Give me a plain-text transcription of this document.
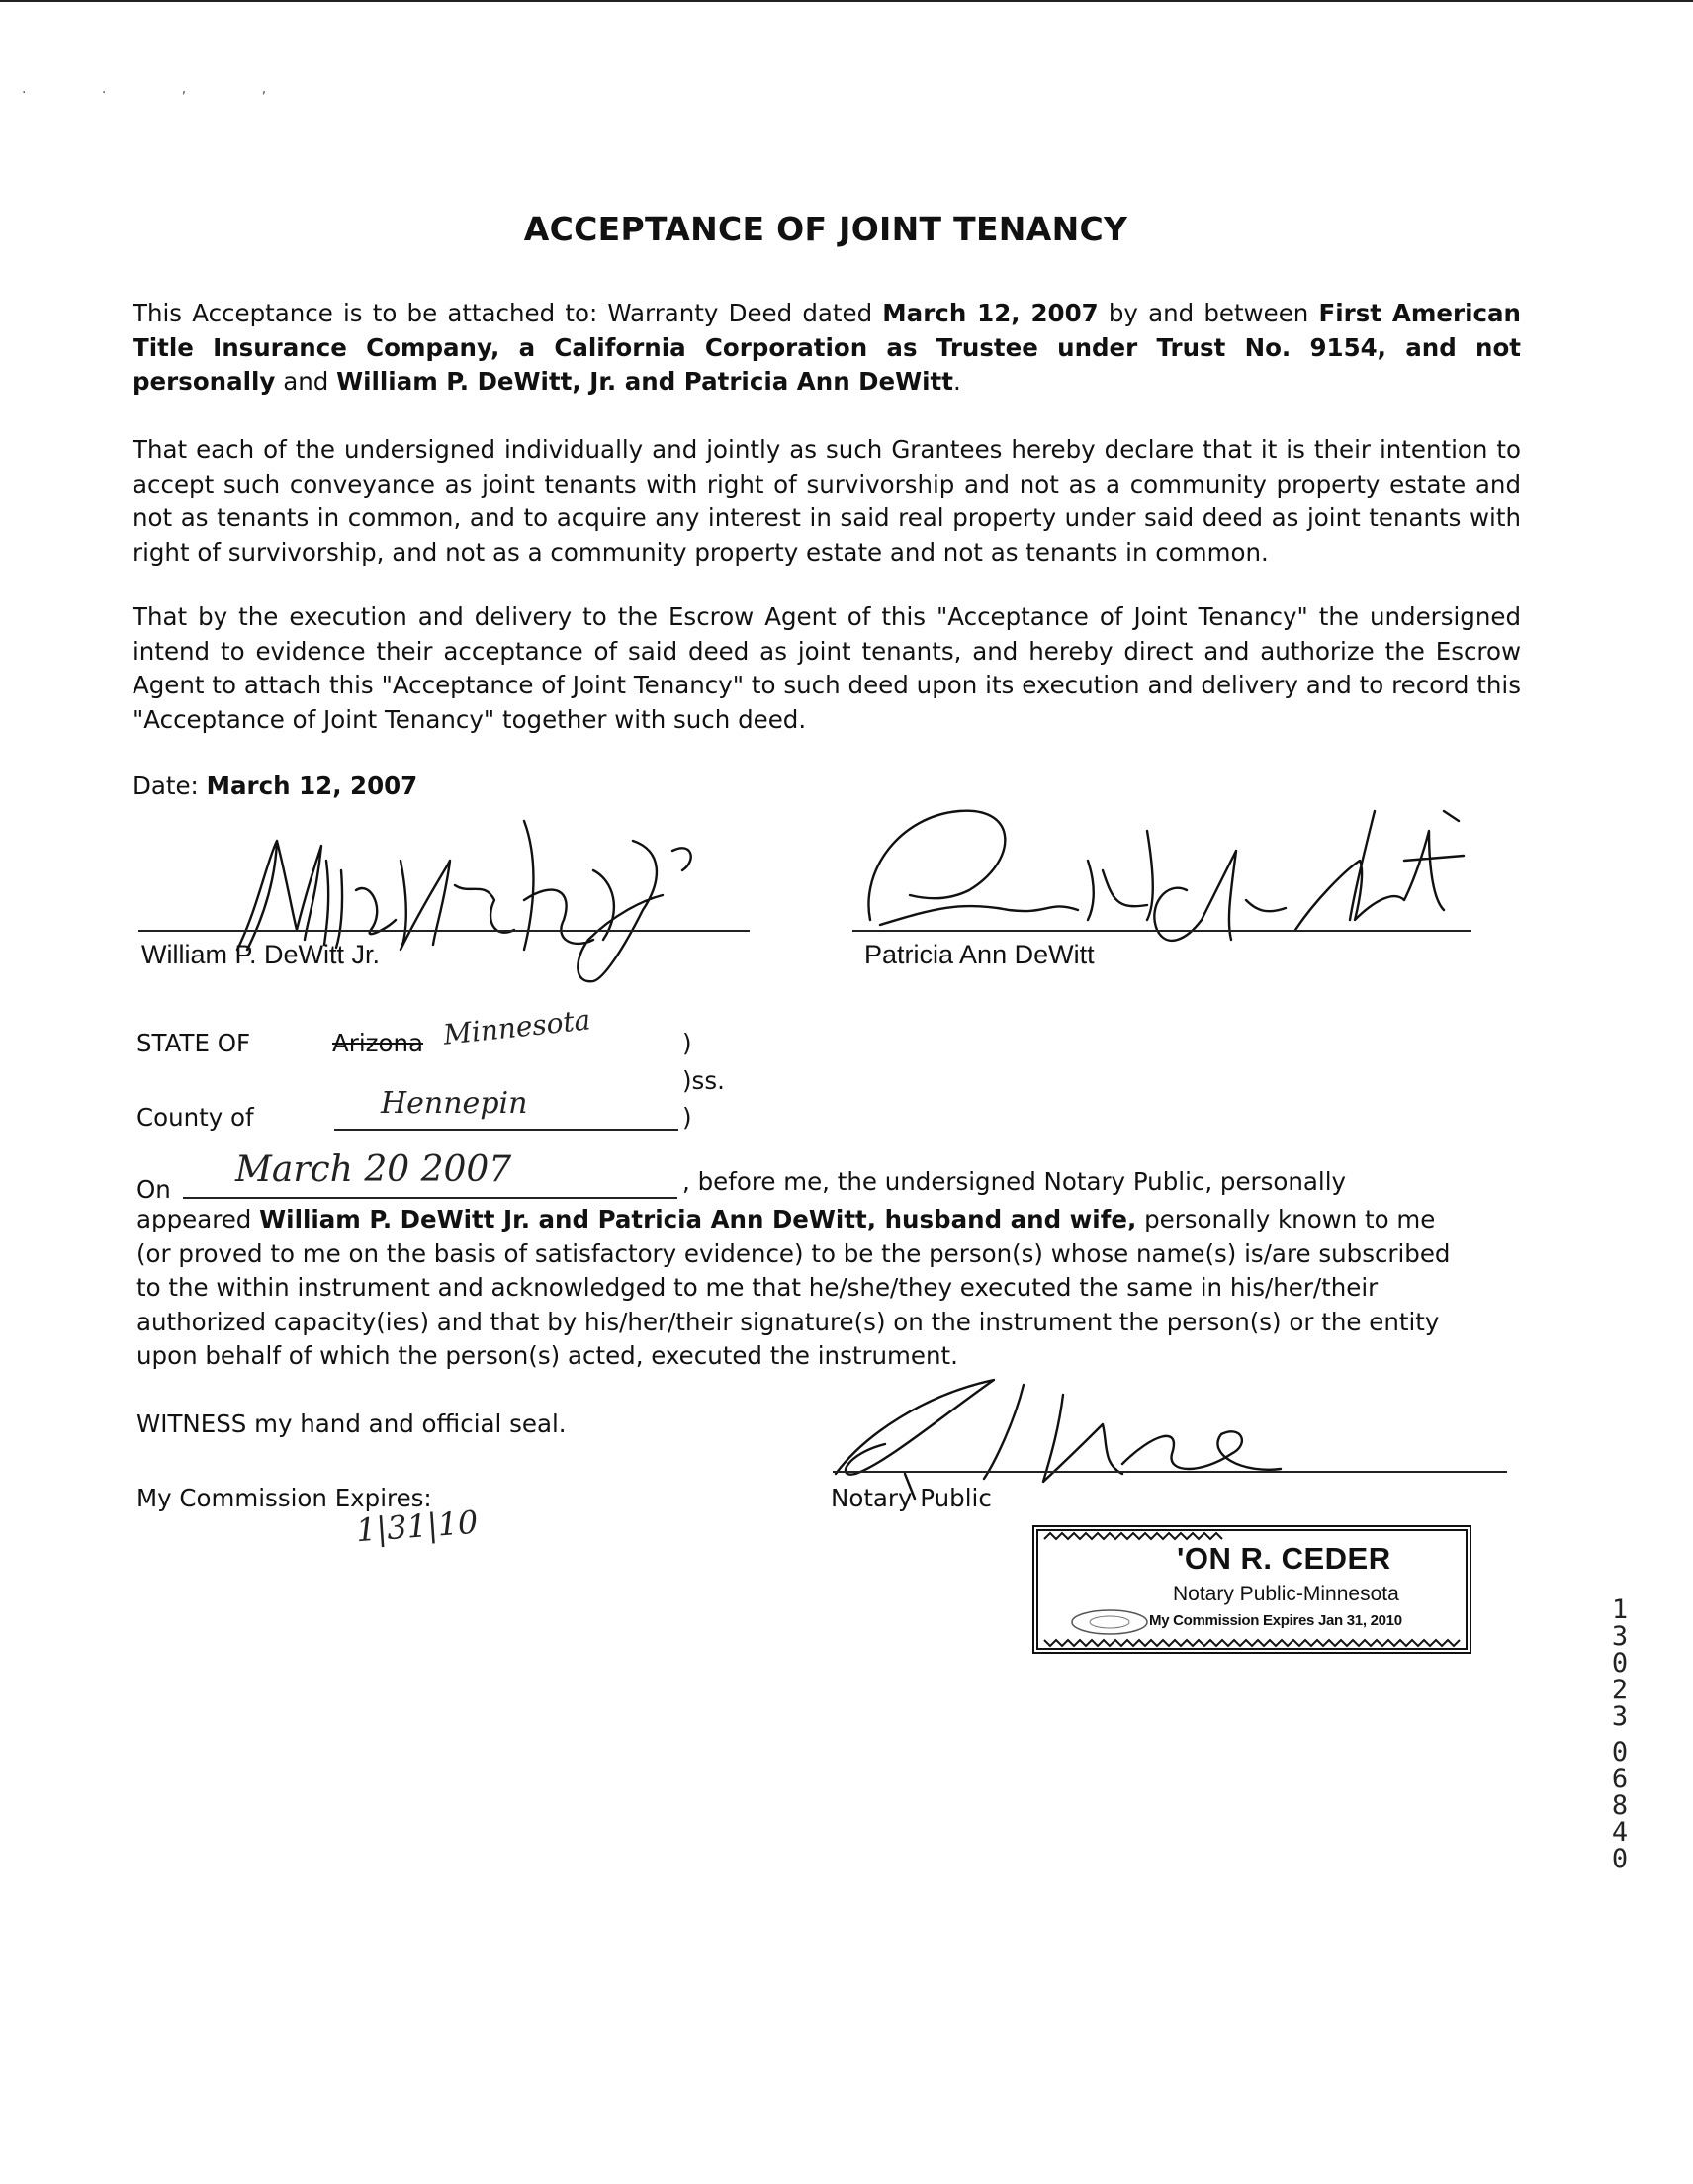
. . , ,
ACCEPTANCE OF JOINT TENANCY
This Acceptance is to be attached to: Warranty Deed dated March 12, 2007 by and between First American Title Insurance Company, a California Corporation as Trustee under Trust No. 9154, and not personally and William P. DeWitt, Jr. and Patricia Ann DeWitt.
That each of the undersigned individually and jointly as such Grantees hereby declare that it is their intention to accept such conveyance as joint tenants with right of survivorship and not as a community property estate and not as tenants in common, and to acquire any interest in said real property under said deed as joint tenants with right of survivorship, and not as a community property estate and not as tenants in common.
That by the execution and delivery to the Escrow Agent of this "Acceptance of Joint Tenancy" the undersigned intend to evidence their acceptance of said deed as joint tenants, and hereby direct and authorize the Escrow Agent to attach this "Acceptance of Joint Tenancy" to such deed upon its execution and delivery and to record this "Acceptance of Joint Tenancy" together with such deed.
Date: March 12, 2007
William P. DeWitt Jr.	Patricia Ann DeWitt
STATE OF	Arizona Minnesota	)
)ss.
County of	Hennepin	)
On March 20 2007	, before me, the undersigned Notary Public, personally
appeared William P. DeWitt Jr. and Patricia Ann DeWitt, husband and wife, personally known to me (or proved to me on the basis of satisfactory evidence) to be the person(s) whose name(s) is/are subscribed to the within instrument and acknowledged to me that he/she/they executed the same in his/her/their authorized capacity(ies) and that by his/her/their signature(s) on the instrument the person(s) or the entity upon behalf of which the person(s) acted, executed the instrument.
WITNESS my hand and official seal.
My Commission Expires:
1|31|10
Notary Public
'ON R. CEDER
Notary Public-Minnesota
My Commission Expires Jan 31, 2010	13023
06840
